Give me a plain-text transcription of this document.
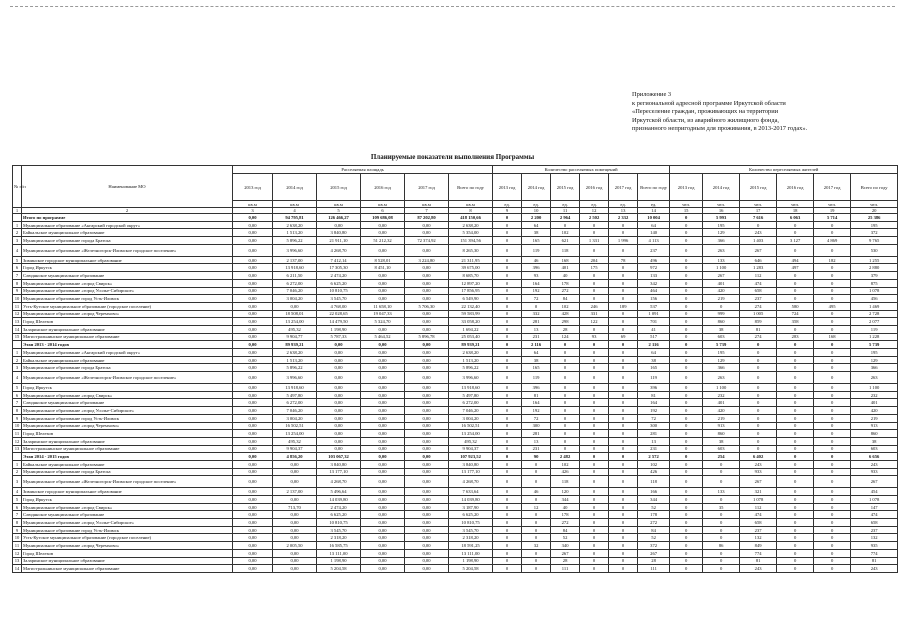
Приложение 3
к региональной адресной программе Иркутской области
«Переселение граждан, проживающих на территории
Иркутской области, из аварийного жилищного фонда,
признанного непригодным для проживания, в 2013-2017 годах».
Планируемые показатели выполнения Программы
№ п/п	Наименование МО	Расселяемая площадь						Количество расселяемых помещений						Количество переселяемых жителей					
		2013 год	2014 год	2015 год	2016 год	2017 год	Всего по году	2013 год	2014 год	2015 год	2016 год	2017 год	Всего по году	2013 год	2014 год	2015 год	2016 год	2017 год	Всего по году
		кв.м	кв.м	кв.м	кв.м	кв.м	кв.м	ед.	ед.	ед.	ед.	ед.	ед.	чел.	чел.	чел.	чел.	чел.	чел.
1	2	3	4	5	6	7	8	9	10	11	12	13	14	15	16	17	18	19	20
	Итого по программе	0,00	94 795,81	126 466,27	109 686,08	87 202,80	418 150,66	0	2 200	2 964	2 502	2 332	10 004	0	5 993	7 616	6 063	5 714	25 386
1	Муниципальное образование «Ангарский городской округ»	0,00	2 638,20	0,00	0,00	0,00	2 638,20	0	64	0	0	0	64	0	195	0	0	0	195
2	Байкальское муниципальное образование	0,00	1 513,20	3 840,80	0,00	0,00	5 354,00	0	38	102	0	0	140	0	129	243	0	0	372
3	Муниципальное образование города Братска	0,00	5 896,22	21 911,10	51 212,32	72 374,92	151 394,56	0	165	621	1 331	1 996	4 113	0	366	1 403	3 127	4 869	9 765
4	Муниципальное образование «Железногорск-Илимское городское поселение»	0,00	3 996,60	4 268,70	0,00	0,00	8 265,30	0	119	118	0	0	237	0	263	267	0	0	530
5	Зиминское городское муниципальное образование	0,00	2 137,00	7 412,14	8 528,01	3 224,80	21 311,95	0	46	168	204	78	496	0	133	646	494	182	1 255
6	Город Иркутск	0,00	13 918,60	17 305,30	8 451,10	0,00	39 675,00	0	396	401	175	0	972	0	1 100	1 283	497	0	2 880
7	Слюдянское муниципальное образование	0,00	6 211,50	2 474,20	0,00	0,00	8 685,70	0	93	40	0	0	133	0	267	112	0	0	379
8	Муниципальное образование «город Свирск»	0,00	6 272,00	6 625,20	0,00	0,00	12 897,20	0	164	178	0	0	342	0	401	474	0	0	875
9	Муниципальное образование «город Усолье-Сибирское»	0,00	7 046,20	10 810,75	0,00	0,00	17 856,95	0	192	272	0	0	464	0	420	658	0	0	1 078
10	Муниципальное образование город Усть-Илимск	0,00	3 004,20	3 545,70	0,00	0,00	6 549,90	0	72	84	0	0	156	0	219	237	0	0	456
11	Усть-Кутское муниципальное образование (городское поселение)	0,00	0,00	4 768,00	11 658,10	5 706,30	22 132,40	0	0	102	246	189	537	0	0	274	580	495	1 469
12	Муниципальное образование «город Черемхово»	0,00	18 508,01	22 028,65	19 047,33	0,00	59 583,99	0	332	428	331	0	1 091	0	999	1 005	724	0	2 728
13	Город Шелехов	0,00	13 254,00	14 479,50	5 324,70	0,00	33 058,20	0	281	298	122	0	701	0	860	859	358	0	2 077
14	Заларинское муниципальное образование	0,00	495,32	1 198,90	0,00	0,00	1 694,22	0	13	28	0	0	41	0	38	81	0	0	119
15	Магистральнинское муниципальное образование	0,00	9 904,77	5 787,33	5 464,52	5 896,78	25 053,40	0	231	124	93	69	517	0	603	274	283	168	1 228
	Этап 2013 - 2014 годов	0,00	89 939,21	0,00	0,00	0,00	89 939,21	0	2 116	0	0	0	2 116	0	5 739	0	0	0	5 739
1	Муниципальное образование «Ангарский городской округ»	0,00	2 638,20	0,00	0,00	0,00	2 638,20	0	64	0	0	0	64	0	195	0	0	0	195
2	Байкальское муниципальное образование	0,00	1 513,20	0,00	0,00	0,00	1 513,20	0	38	0	0	0	38	0	129	0	0	0	129
3	Муниципальное образование города Братска	0,00	5 896,22	0,00	0,00	0,00	5 896,22	0	165	0	0	0	165	0	366	0	0	0	366
4	Муниципальное образование «Железногорск-Илимское городское поселение»	0,00	3 996,60	0,00	0,00	0,00	3 996,60	0	119	0	0	0	119	0	263	0	0	0	263
5	Город Иркутск	0,00	13 918,60	0,00	0,00	0,00	13 918,60	0	396	0	0	0	396	0	1 100	0	0	0	1 100
6	Муниципальное образование «город Свирск»	0,00	5 497,80	0,00	0,00	0,00	5 497,80	0	81	0	0	0	81	0	232	0	0	0	232
7	Слюдянское муниципальное образование	0,00	6 272,00	0,00	0,00	0,00	6 272,00	0	164	0	0	0	164	0	401	0	0	0	401
8	Муниципальное образование «город Усолье-Сибирское»	0,00	7 046,20	0,00	0,00	0,00	7 046,20	0	192	0	0	0	192	0	420	0	0	0	420
9	Муниципальное образование город Усть-Илимск	0,00	3 004,20	0,00	0,00	0,00	3 004,20	0	72	0	0	0	72	0	219	0	0	0	219
10	Муниципальное образование «город Черемхово»	0,00	16 502,51	0,00	0,00	0,00	16 502,51	0	300	0	0	0	300	0	913	0	0	0	913
11	Город Шелехов	0,00	13 254,00	0,00	0,00	0,00	13 254,00	0	281	0	0	0	281	0	860	0	0	0	860
12	Заларинское муниципальное образование	0,00	495,32	0,00	0,00	0,00	495,32	0	13	0	0	0	13	0	38	0	0	0	38
13	Магистральнинское муниципальное образование	0,00	9 904,37	0,00	0,00	0,00	9 904,37	0	231	0	0	0	231	0	603	0	0	0	603
	Этап 2014 - 2015 годов	0,00	4 856,20	103 067,32	0,00	0,00	107 923,52	0	90	2 482	0	0	2 572	0	254	6 402	0	0	6 656
1	Байкальское муниципальное образование	0,00	0,00	3 840,80	0,00	0,00	3 840,80	0	0	102	0	0	102	0	0	243	0	0	243
2	Муниципальное образование города Братска	0,00	0,00	13 177,10	0,00	0,00	13 177,10	0	0	426	0	0	426	0	0	933	0	0	933
3	Муниципальное образование «Железногорск-Илимское городское поселение»	0,00	0,00	4 268,70	0,00	0,00	4 268,70	0	0	118	0	0	118	0	0	267	0	0	267
4	Зиминское городское муниципальное образование	0,00	2 137,00	5 496,64	0,00	0,00	7 633,64	0	46	120	0	0	166	0	133	321	0	0	454
5	Город Иркутск	0,00	0,00	14 039,80	0,00	0,00	14 039,80	0	0	344	0	0	344	0	0	1 078	0	0	1 078
6	Муниципальное образование «город Свирск»	0,00	713,70	2 474,20	0,00	0,00	3 187,90	0	12	40	0	0	52	0	35	112	0	0	147
7	Слюдянское муниципальное образование	0,00	0,00	6 625,20	0,00	0,00	6 625,20	0	0	178	0	0	178	0	0	474	0	0	474
8	Муниципальное образование «город Усолье-Сибирское»	0,00	0,00	10 810,75	0,00	0,00	10 810,75	0	0	272	0	0	272	0	0	658	0	0	658
9	Муниципальное образование город Усть-Илимск	0,00	0,00	3 545,70	0,00	0,00	3 545,70	0	0	84	0	0	84	0	0	237	0	0	237
10	Усть-Кутское муниципальное образование (городское поселение)	0,00	0,00	2 318,20	0,00	0,00	2 318,20	0	0	52	0	0	52	0	0	132	0	0	132
11	Муниципальное образование «город Черемхово»	0,00	2 005,50	16 585,75	0,00	0,00	18 591,25	0	32	340	0	0	372	0	86	849	0	0	935
12	Город Шелехов	0,00	0,00	13 111,00	0,00	0,00	13 111,00	0	0	267	0	0	267	0	0	774	0	0	774
13	Заларинское муниципальное образование	0,00	0,00	1 198,90	0,00	0,00	1 198,90	0	0	28	0	0	28	0	0	81	0	0	81
14	Магистральнинское муниципальное образование	0,00	0,00	5 204,58	0,00	0,00	5 204,58	0	0	111	0	0	111	0	0	243	0	0	243
